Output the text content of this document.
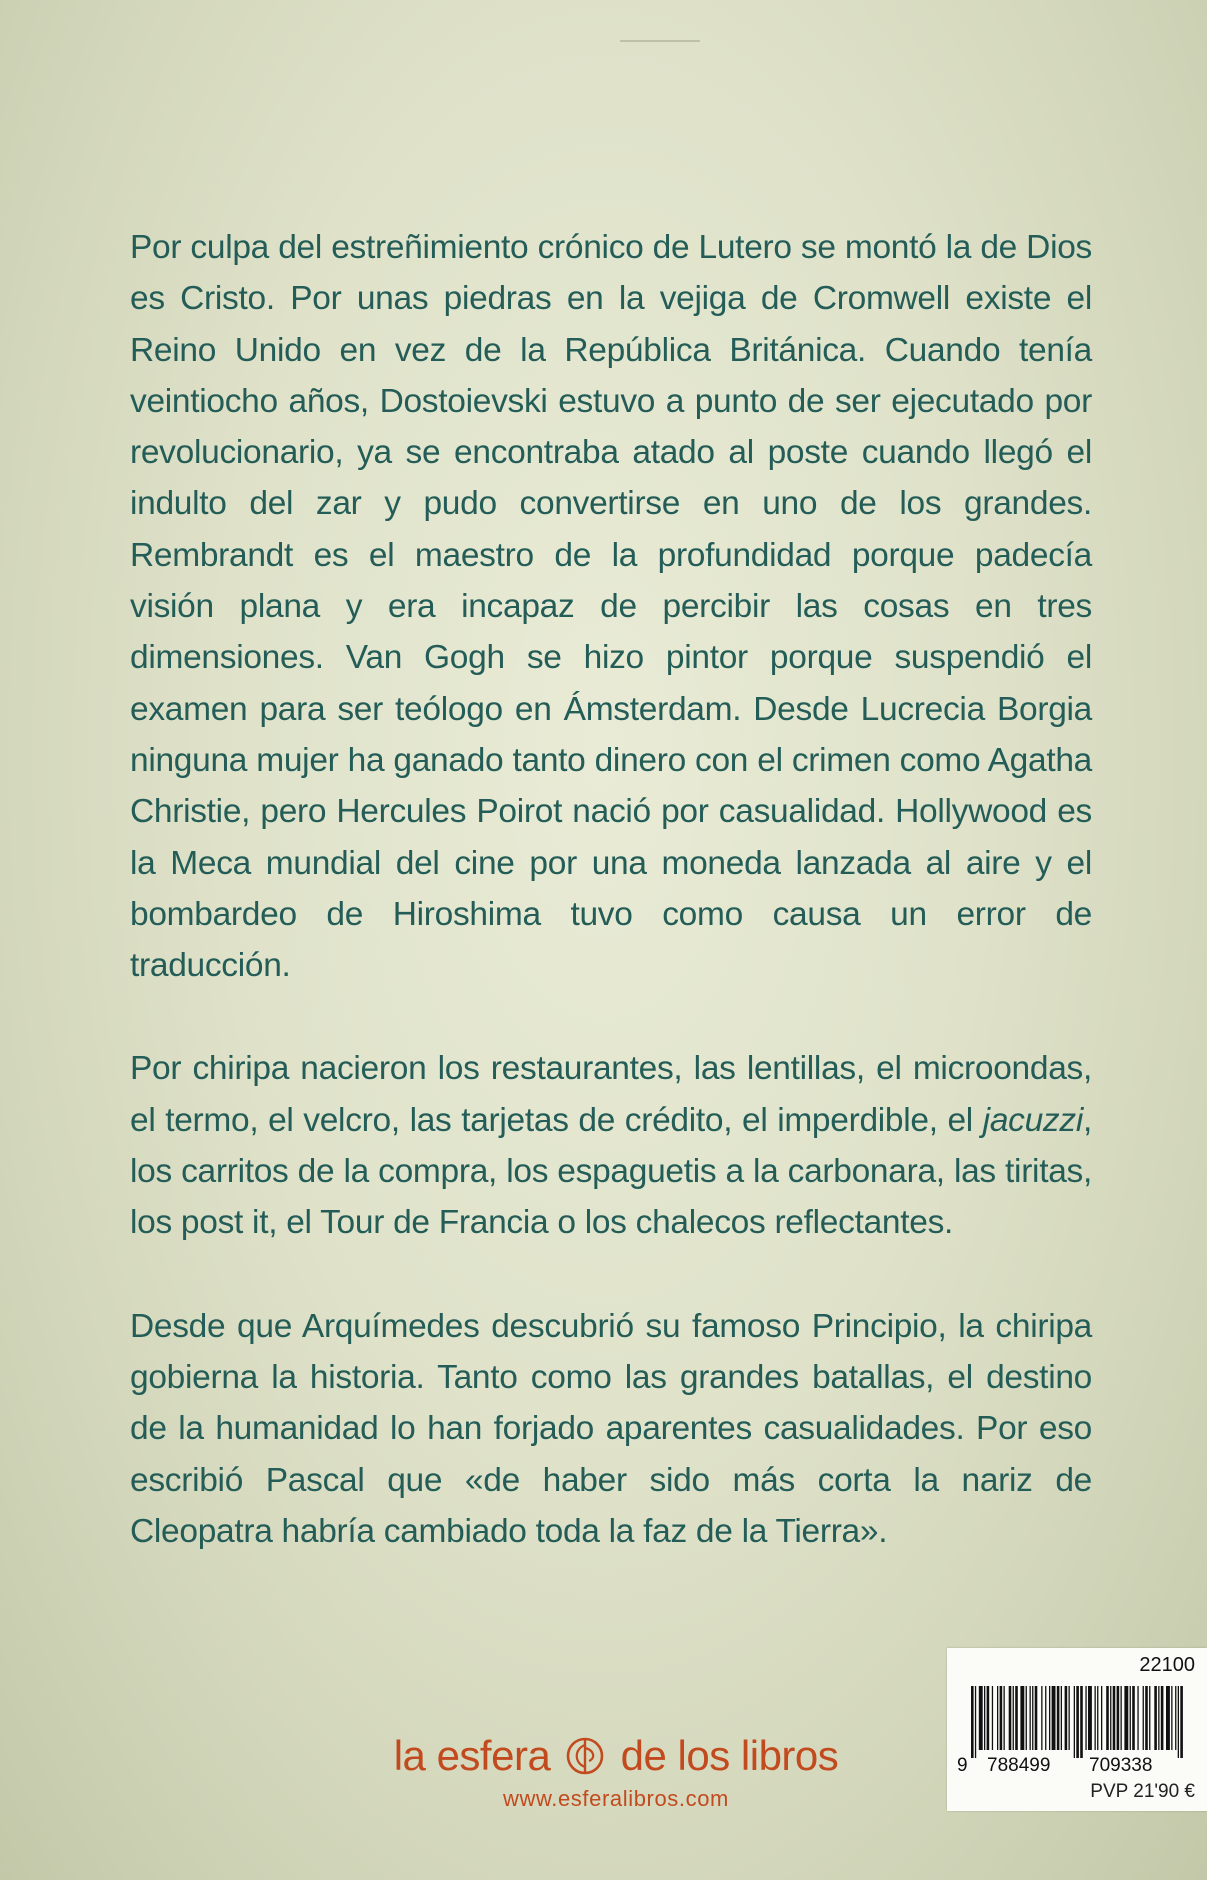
Por culpa del estreñimiento crónico de Lutero se montó la de Dios es Cristo. Por unas piedras en la vejiga de Cromwell existe el Reino Unido en vez de la República Británica. Cuando tenía veintiocho años, Dostoievski estuvo a punto de ser ejecutado por revolucionario, ya se encontraba atado al poste cuando llegó el indulto del zar y pudo convertirse en uno de los grandes. Rembrandt es el maestro de la profundidad porque padecía visión plana y era incapaz de percibir las cosas en tres dimensiones. Van Gogh se hizo pintor porque suspendió el examen para ser teólogo en Ámsterdam. Desde Lucrecia Borgia ninguna mujer ha ganado tanto dinero con el crimen como Agatha Christie, pero Hercules Poirot nació por casualidad. Hollywood es la Meca mundial del cine por una moneda lanzada al aire y el bombardeo de Hiroshima tuvo como causa un error de traducción.

Por chiripa nacieron los restaurantes, las lentillas, el microondas, el termo, el velcro, las tarjetas de crédito, el imperdible, el jacuzzi, los carritos de la compra, los espaguetis a la carbonara, las tiritas, los post it, el Tour de Francia o los chalecos reflectantes.

Desde que Arquímedes descubrió su famoso Principio, la chiripa gobierna la historia. Tanto como las grandes batallas, el destino de la humanidad lo han forjado aparentes casualidades. Por eso escribió Pascal que «de haber sido más corta la nariz de Cleopatra habría cambiado toda la faz de la Tierra».

la esfera de los libros
www.esferalibros.com
22100
9 788499 709338
PVP 21'90 €
